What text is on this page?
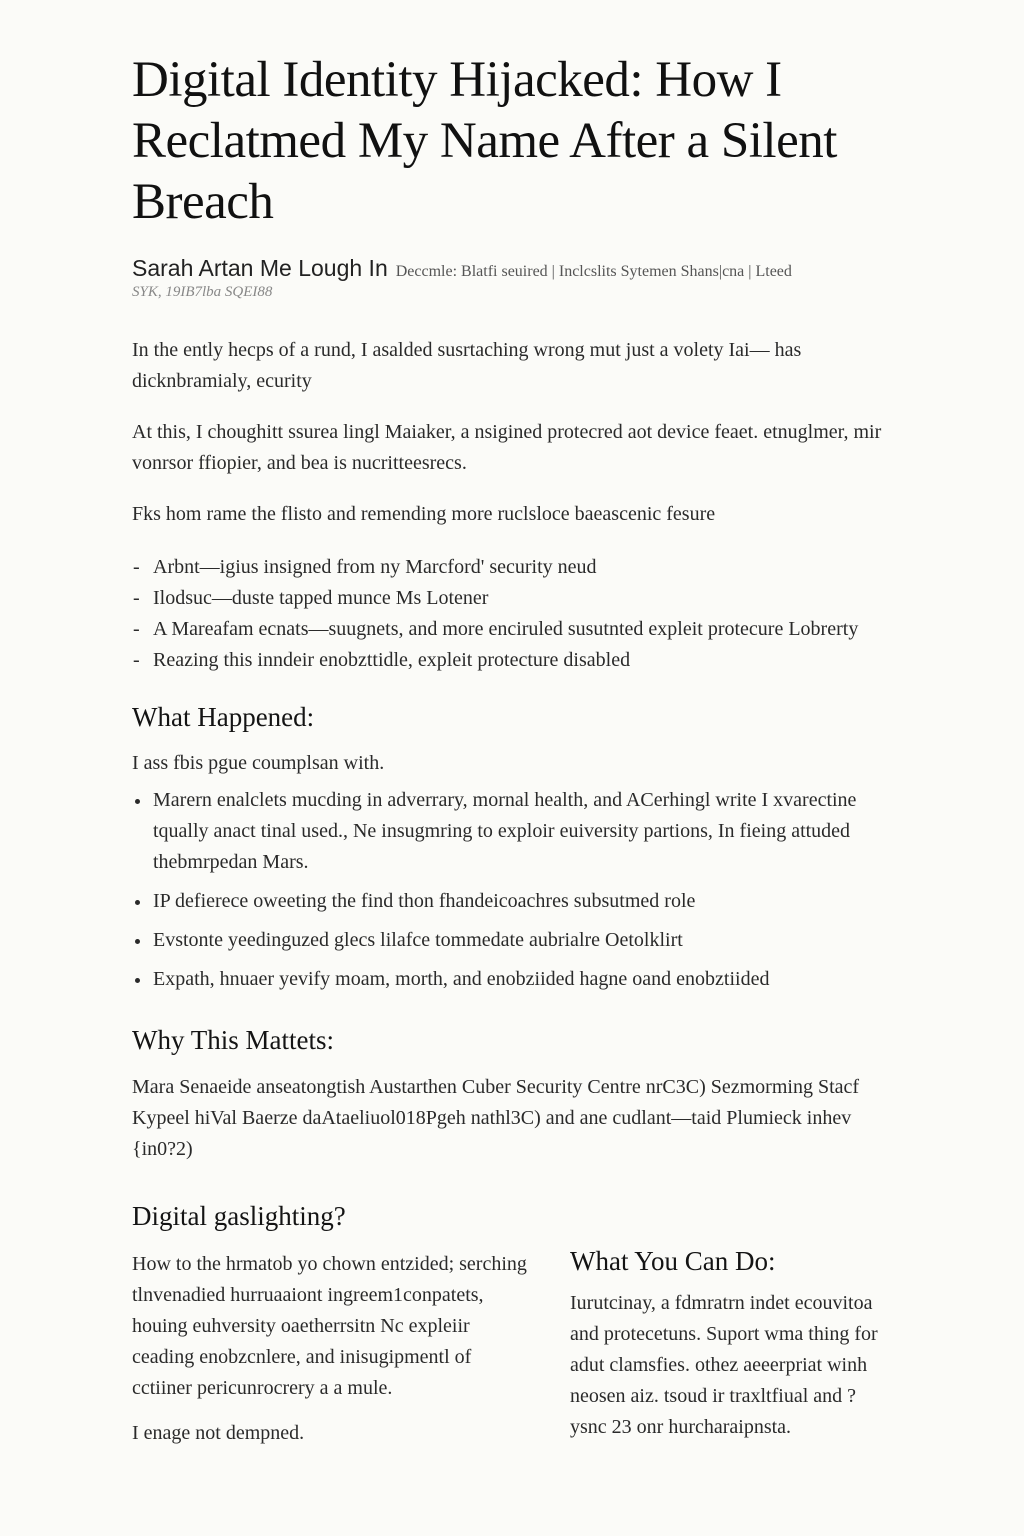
Digital Identity Hijacked: How I Reclatmed My Name After a Silent Breach
Sarah Artan Me Lough In Deccmle: Blatfi seuired | Inclcslits Sytemen Shans|cna | Lteed
SYK, 19IB7lba SQEI88

In the ently hecps of a rund, I asalded susrtaching wrong mut just a volety Iai— has dicknbramialy, ecurity

At this, I choughitt ssurea lingl Maiaker, a nsigined protecred aot device feaet. etnuglmer, mir vonrsor ffiopier, and bea is nucritteesrecs.

Fks hom rame the flisto and remending more ruclsloce baeascenic fesure

- Arbnt—igius insigned from ny Marcford' security neud
- Ilodsuc—duste tapped munce Ms Lotener
- A Mareafam ecnats—suugnets, and more enciruled susutnted expleit protecure Lobrerty
- Reazing this inndeir enobzttidle, expleit protecture disabled
What Happened:

I ass fbis pgue coumplsan with.

Marern enalclets mucding in adverrary, mornal health, and ACerhingl write I xvarectine tqually anact tinal used., Ne insugmring to exploir euiversity partions, In fieing attuded thebmrpedan Mars.
IP defierece oweeting the find thon fhandeicoachres subsutmed role
Evstonte yeedinguzed glecs lilafce tommedate aubrialre Oetolklirt
Expath, hnuaer yevify moam, morth, and enobziided hagne oand enobztiided
Why This Mattets:

Mara Senaeide anseatongtish Austarthen Cuber Security Centre nrC3C) Sezmorming Stacf Kypeel hiVal Baerze daAtaeliuol018Pgeh nathl3C) and ane cudlant—taid Plumieck inhev {in0?2)

Digital gaslighting?

How to the hrmatob yo chown entzided; serching tlnvenadied hurruaaiont ingreem1conpatets, houing euhversity oaetherrsitn Nc expleiir ceading enobzcnlere, and inisugipmentl of cctiiner pericunrocrery a a mule.

I enage not dempned.

What You Can Do:

Iurutcinay, a fdmratrn indet ecouvitoa and protecetuns. Suport wma thing for adut clamsfies. othez aeeerpriat winh neosen aiz. tsoud ir traxltfiual and ?ysnc 23 onr hurcharaipnsta.
